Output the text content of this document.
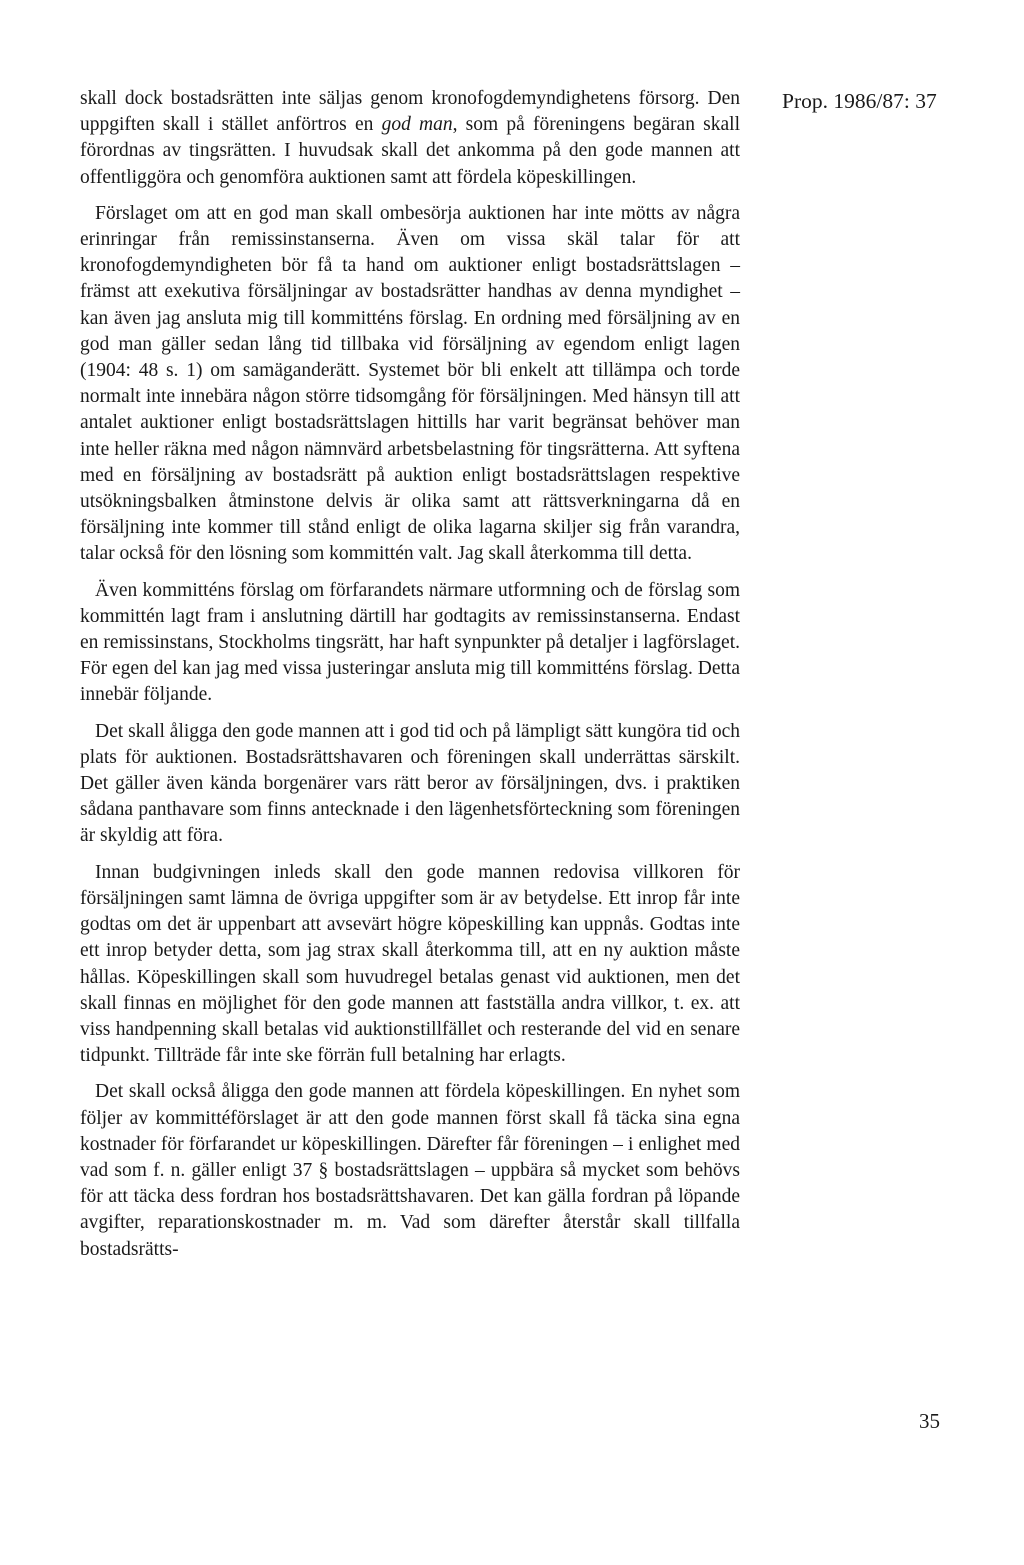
Prop. 1986/87: 37

skall dock bostadsrätten inte säljas genom kronofogdemyndighetens försorg. Den uppgiften skall i stället anförtros en god man, som på föreningens begäran skall förordnas av tingsrätten. I huvudsak skall det ankomma på den gode mannen att offentliggöra och genomföra auktionen samt att fördela köpeskillingen.

Förslaget om att en god man skall ombesörja auktionen har inte mötts av några erinringar från remissinstanserna. Även om vissa skäl talar för att kronofogdemyndigheten bör få ta hand om auktioner enligt bostadsrättslagen – främst att exekutiva försäljningar av bostadsrätter handhas av denna myndighet – kan även jag ansluta mig till kommitténs förslag. En ordning med försäljning av en god man gäller sedan lång tid tillbaka vid försäljning av egendom enligt lagen (1904: 48 s. 1) om samäganderätt. Systemet bör bli enkelt att tillämpa och torde normalt inte innebära någon större tidsomgång för försäljningen. Med hänsyn till att antalet auktioner enligt bostadsrättslagen hittills har varit begränsat behöver man inte heller räkna med någon nämnvärd arbetsbelastning för tingsrätterna. Att syftena med en försäljning av bostadsrätt på auktion enligt bostadsrättslagen respektive utsökningsbalken åtminstone delvis är olika samt att rättsverkningarna då en försäljning inte kommer till stånd enligt de olika lagarna skiljer sig från varandra, talar också för den lösning som kommittén valt. Jag skall återkomma till detta.

Även kommitténs förslag om förfarandets närmare utformning och de förslag som kommittén lagt fram i anslutning därtill har godtagits av remissinstanserna. Endast en remissinstans, Stockholms tingsrätt, har haft synpunkter på detaljer i lagförslaget. För egen del kan jag med vissa justeringar ansluta mig till kommitténs förslag. Detta innebär följande.

Det skall åligga den gode mannen att i god tid och på lämpligt sätt kungöra tid och plats för auktionen. Bostadsrättshavaren och föreningen skall underrättas särskilt. Det gäller även kända borgenärer vars rätt beror av försäljningen, dvs. i praktiken sådana panthavare som finns antecknade i den lägenhetsförteckning som föreningen är skyldig att föra.

Innan budgivningen inleds skall den gode mannen redovisa villkoren för försäljningen samt lämna de övriga uppgifter som är av betydelse. Ett inrop får inte godtas om det är uppenbart att avsevärt högre köpeskilling kan uppnås. Godtas inte ett inrop betyder detta, som jag strax skall återkomma till, att en ny auktion måste hållas. Köpeskillingen skall som huvudregel betalas genast vid auktionen, men det skall finnas en möjlighet för den gode mannen att fastställa andra villkor, t. ex. att viss handpenning skall betalas vid auktionstillfället och resterande del vid en senare tidpunkt. Tillträde får inte ske förrän full betalning har erlagts.

Det skall också åligga den gode mannen att fördela köpeskillingen. En nyhet som följer av kommittéförslaget är att den gode mannen först skall få täcka sina egna kostnader för förfarandet ur köpeskillingen. Därefter får föreningen – i enlighet med vad som f. n. gäller enligt 37 § bostadsrättslagen – uppbära så mycket som behövs för att täcka dess fordran hos bostadsrättshavaren. Det kan gälla fordran på löpande avgifter, reparationskostnader m. m. Vad som därefter återstår skall tillfalla bostadsrätts-

35
